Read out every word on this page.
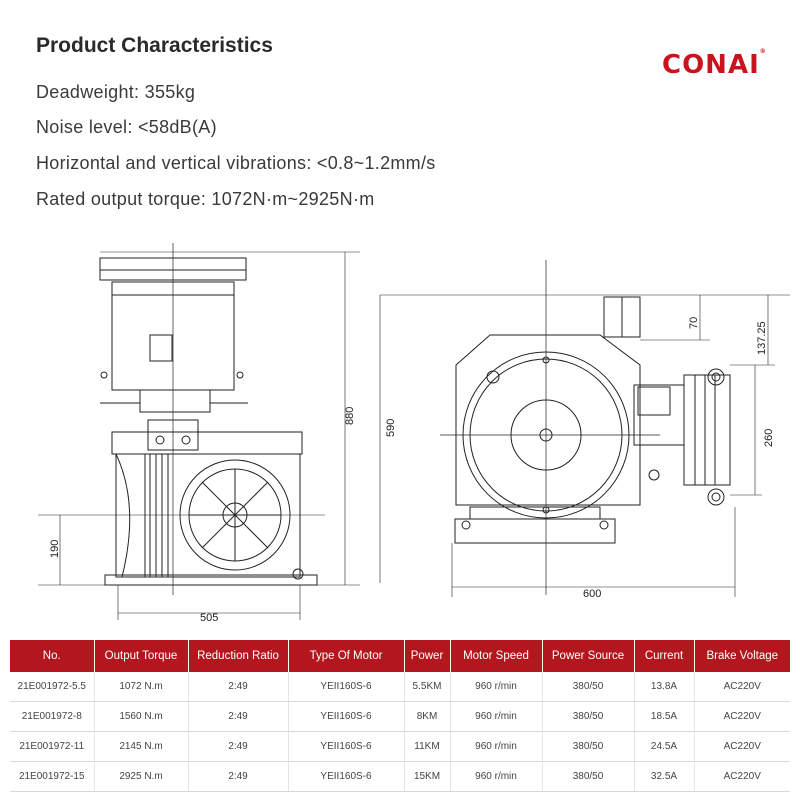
Product Characteristics
CONAI®
Deadweight: 355kg
Noise level: <58dB(A)
Horizontal and vertical vibrations: <0.8~1.2mm/s
Rated output torque: 1072N·m~2925N·m
880
190
505
70	137.25
260
590
600
No.	Output Torque	Reduction Ratio	Type Of Motor	Power	Motor Speed	Power Source	Current	Brake Voltage
21E001972-5.5	1072 N.m	2:49	YEII160S-6	5.5KM	960 r/min	380/50	13.8A	AC220V
21E001972-8	1560 N.m	2:49	YEII160S-6	8KM	960 r/min	380/50	18.5A	AC220V
21E001972-11	2145 N.m	2:49	YEII160S-6	11KM	960 r/min	380/50	24.5A	AC220V
21E001972-15	2925 N.m	2:49	YEII160S-6	15KM	960 r/min	380/50	32.5A	AC220V
